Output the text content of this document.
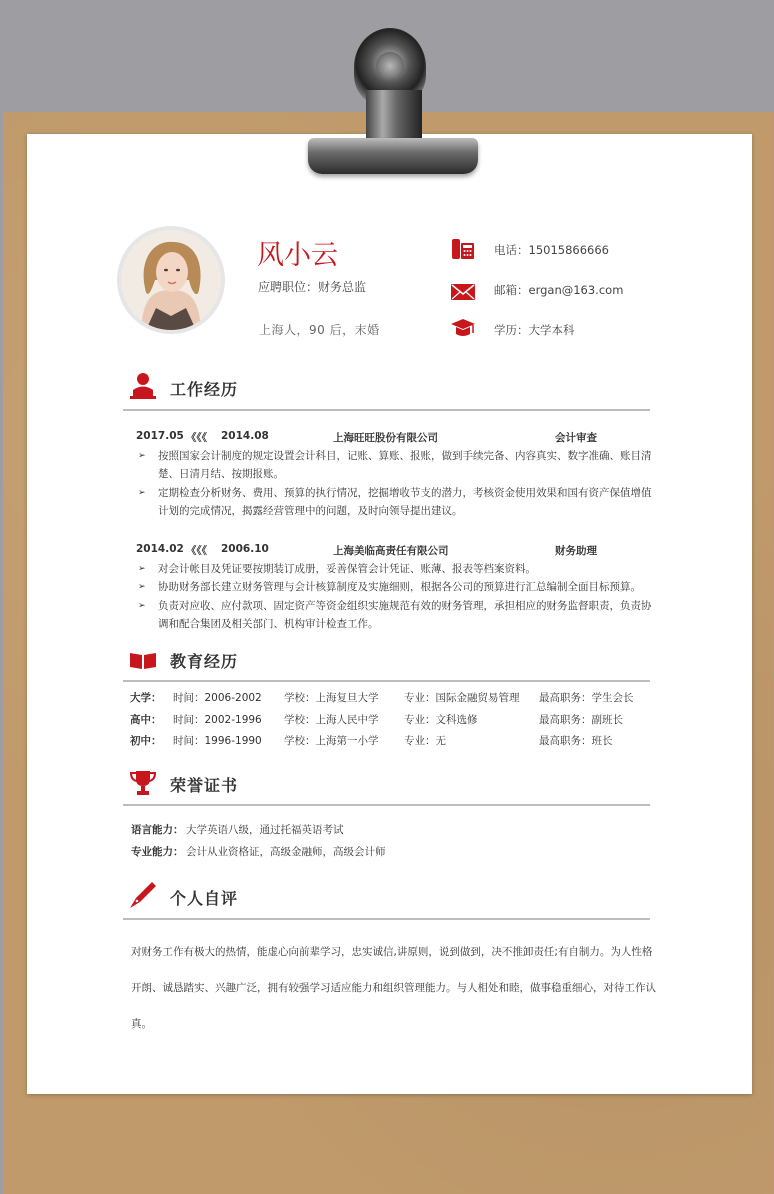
风小云
应聘职位：财务总监
上海人，90 后，末婚
电话：15015866666
邮箱：ergan@163.com
学历：大学本科
工作经历
2017.05 《《《 2014.08	上海旺旺股份有限公司	会计审查
➢ 按照国家会计制度的规定设置会计科目，记账、算账、报账，做到手续完备、内容真实、数字准确、账目清楚、日清月结、按期报账。
➢ 定期检查分析财务、费用、预算的执行情况，挖掘增收节支的潜力，考核资金使用效果和国有资产保值增值计划的完成情况，揭露经营管理中的问题，及时向领导提出建议。
2014.02 《《《 2006.10	上海美临高责任有限公司	财务助理
➢ 对会计帐目及凭证要按期装订成册，妥善保管会计凭证、账薄、报表等档案资料。
➢ 协助财务部长建立财务管理与会计核算制度及实施细则，根据各公司的预算进行汇总编制全面目标预算。
➢ 负责对应收、应付款项、固定资产等资金组织实施规范有效的财务管理，承担相应的财务监督职责，负责协调和配合集团及相关部门、机构审计检查工作。
教育经历
大学： 时间：2006-2002 学校：上海复旦大学 专业：国际金融贸易管理 最高职务：学生会长
高中： 时间：2002-1996 学校：上海人民中学 专业：文科选修	最高职务：副班长
初中： 时间：1996-1990 学校：上海第一小学 专业：无	最高职务：班长
荣誉证书
语言能力： 大学英语八级，通过托福英语考试
专业能力： 会计从业资格证，高级金融师，高级会计师
个人自评
对财务工作有极大的热情，能虚心向前辈学习，忠实诚信,讲原则，说到做到，决不推卸责任;有自制力。为人性格开朗、诚恳踏实、兴趣广泛，拥有较强学习适应能力和组织管理能力。与人相处和睦，做事稳重细心，对待工作认真。
